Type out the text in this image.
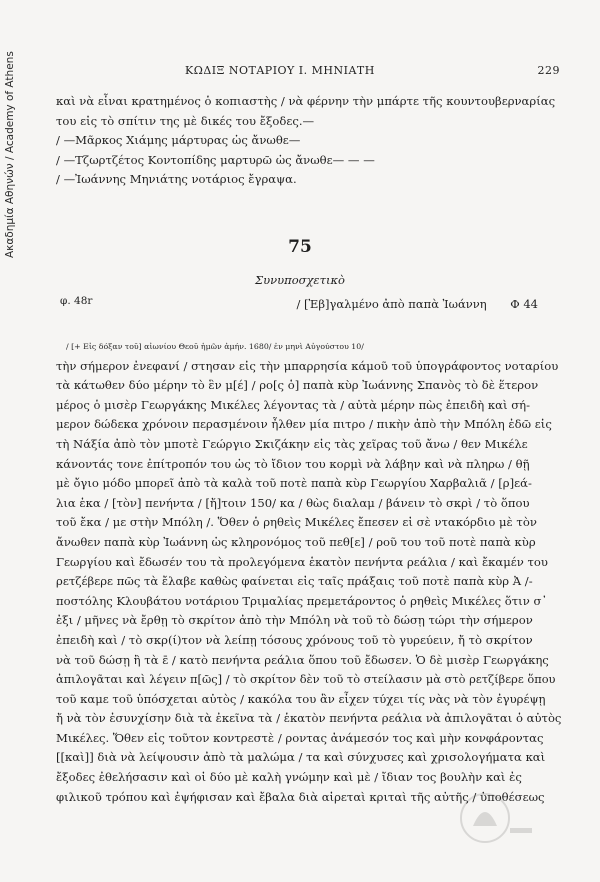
Ακαδημία Αθηνών / Academy of Athens	ΚΩΔΙΞ ΝΟΤΑΡΙΟΥ Ι. ΜΗΝΙΑΤΗ	229

καὶ νὰ εἶναι κρατημένος ὁ κοπιαστὴς / νὰ φέρνην τὴν μπάρτε τῆς κουντουβερναρίας

του εἰς τὸ σπίτιν της μὲ δικές του ἔξοδες.—

/ —Μᾶρκος Χιάμης μάρτυρας ὡς ἄνωθε—

/ —Τζωρτζέτος Κοντοπίδης μαρτυρῶ ὡς ἄνωθε— — —

/ —Ἰωάννης Μηνιάτης νοτάριος ἔγραψα.

75
Συνυποσχετικὸ
φ. 48r	/ [Ἐβ]γαλμένο ἀπὸ παπὰ Ἰωάννη Φ 44

/ [+ Εἰς δόξαν τοῦ] αἰωνίου Θεοῦ ἡμῶν ἀμήν. 1680/ ἐν μηνὶ Αὐγούστου 10/

τὴν σήμερον ἐνεφανί / στησαν εἰς τὴν μπαρρησία κάμοῦ τοῦ ὑπογράφοντος νοταρίου

τὰ κάτωθεν δύο μέρην τὸ ἓν μ[έ] / ρο[ς ὁ] παπὰ κὺρ Ἰωάννης Σπανὸς τὸ δὲ ἕτερον

μέρος ὁ μισὲρ Γεωργάκης Μικέλες λέγοντας τὰ / αὐτὰ μέρην πὼς ἐπειδὴ καὶ σή-

μερον δώδεκα χρόνοιν περασμένοιν ἦλθεν μία πιτρο / πικὴν ἀπὸ τὴν Μπόλη ἐδῶ εἰς

τὴ Νάξία ἀπὸ τὸν μποτὲ Γεώργιο Σκιζάκην εἰς τὰς χεῖρας τοῦ ἄνω / θεν Μικέλε

κάνοντάς τονε ἐπίτροπόν του ὡς τὸ ἴδιον του κορμὶ νὰ λάβην καὶ νὰ πληρω / θῇ

μὲ ὄγιο μόδο μπορεῖ ἀπὸ τὰ καλὰ τοῦ ποτὲ παπὰ κὺρ Γεωργίου Χαρβαλιᾶ / [ρ]εά-

λια ἑκα / [τὸν] πενήντα / [ἤ]τοιν 150/ κα / θὼς διαλαμ / βάνειν τὸ σκρὶ / τὸ ὅπου

τοῦ ἔκα / με στὴν Μπόλη /. Ὅθεν ὁ ρηθεὶς Μικέλες ἔπεσεν εἰ σὲ ντακόρδιο μὲ τὸν

ἄνωθεν παπὰ κὺρ Ἰωάννη ὡς κληρονόμος τοῦ πεθ[ε] / ροῦ του τοῦ ποτὲ παπὰ κὺρ

Γεωργίου καὶ ἔδωσέν του τὰ προλεγόμενα ἑκατὸν πενήντα ρεάλια / καὶ ἔκαμέν του

ρετζέβερε πῶς τὰ ἔλαβε καθὼς φαίνεται εἰς ταῖς πράξαις τοῦ ποτὲ παπὰ κὺρ Ἀ /-

ποστόλης Κλουβάτου νοτάριου Τριμαλίας πρεμετάροντος ὁ ρηθεὶς Μικέλες ὅτιν σ᾽

ἐξι / μῆνες νὰ ἔρθῃ τὸ σκρίτον ἀπὸ τὴν Μπόλη νὰ τοῦ τὸ δώσῃ τώρι τὴν σήμερον

ἐπειδὴ καὶ / τὸ σκρ(ί)τον νὰ λείπῃ τόσους χρόνους τοῦ τὸ γυρεύειν, ἤ τὸ σκρίτον

νὰ τοῦ δώσῃ ἢ τὰ ε̄ / κατὸ πενήντα ρεάλια ὅπου τοῦ ἔδωσεν. Ὁ δὲ μισὲρ Γεωργάκης

ἀπιλογᾶται καὶ λέγειν π[ῶς] / τὸ σκρίτον δὲν τοῦ τὸ στείλασιν μὰ στὸ ρετζίβερε ὅπου

τοῦ καμε τοῦ ὑπόσχεται αὐτὸς / κακόλα του ἂν εἶχεν τύχει τίς νὰς νὰ τὸν ἐγυρέψῃ

ἤ νὰ τὸν ἐσυνχίσην διὰ τὰ ἐκεῖνα τὰ / ἑκατὸν πενήντα ρεάλια νὰ ἀπιλογᾶται ὁ αὐτὸς

Μικέλες. Ὅθεν εἰς τοῦτον κοντρεστὲ / ροντας ἀνάμεσόν τος καὶ μὴν κονφάροντας

[[καὶ]] διὰ νὰ λείψουσιν ἀπὸ τὰ μαλώμα / τα καὶ σύνχυσες καὶ χρισολογήματα καὶ

ἔξοδες ἐθελήσασιν καὶ οἱ δύο μὲ καλὴ γνώμην καὶ μὲ / ἴδιαν τος βουλὴν καὶ ἐς

φιλικοῦ τρόπου καὶ ἐψήφισαν καὶ ἔβαλα διὰ αἱρεταὶ κριταὶ τῆς αὐτῆς / ὑποθέσεως
